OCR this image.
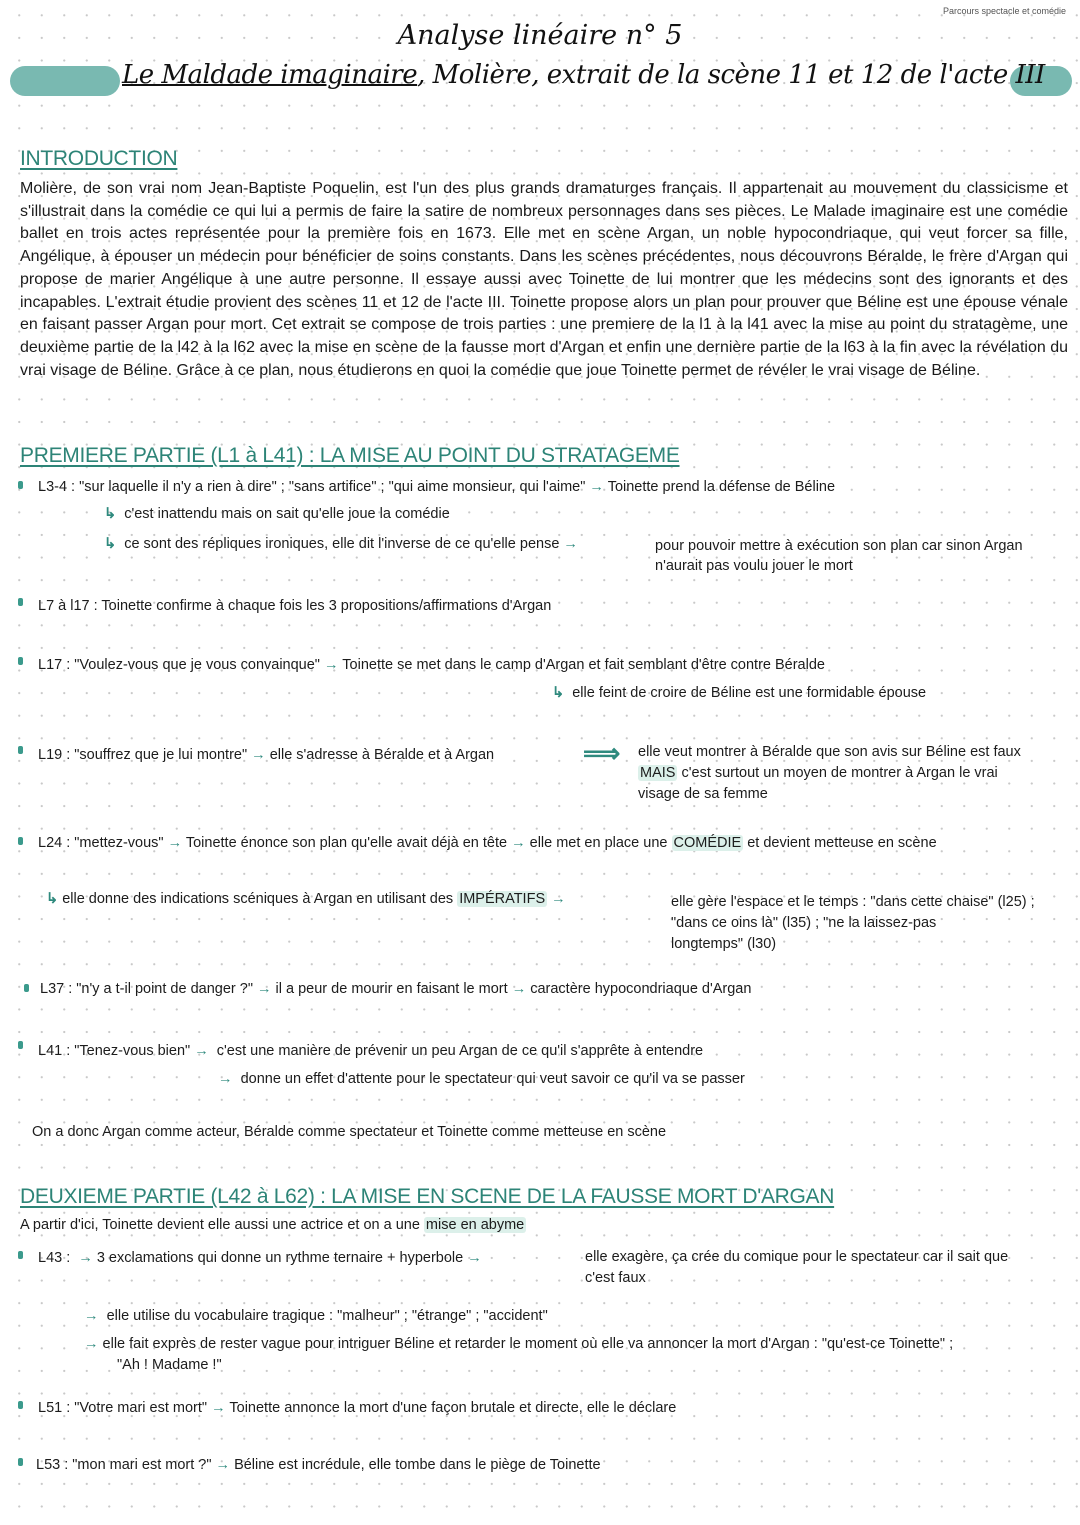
Parcours spectacle et comédie
Analyse linéaire n° 5
Le Maldade imaginaire, Molière, extrait de la scène 11 et 12 de l'acte III
INTRODUCTION
Molière, de son vrai nom Jean-Baptiste Poquelin, est l'un des plus grands dramaturges français. Il appartenait au mouvement du classicisme et s'illustrait dans la comédie ce qui lui a permis de faire la satire de nombreux personnages dans ses pièces. Le Malade imaginaire est une comédie ballet en trois actes représentée pour la première fois en 1673. Elle met en scène Argan, un noble hypocondriaque, qui veut forcer sa fille, Angélique, à épouser un médecin pour bénéficier de soins constants. Dans les scènes précédentes, nous découvrons Béralde, le frère d'Argan qui propose de marier Angélique à une autre personne. Il essaye aussi avec Toinette de lui montrer que les médecins sont des ignorants et des incapables. L'extrait étudie provient des scènes 11 et 12 de l'acte III. Toinette propose alors un plan pour prouver que Béline est une épouse vénale en faisant passer Argan pour mort. Cet extrait se compose de trois parties : une premiere de la l1 à la l41 avec la mise au point du stratagème, une deuxième partie de la l42 à la l62 avec la mise en scène de la fausse mort d'Argan et enfin une dernière partie de la l63 à la fin avec la révélation du vrai visage de Béline. Grâce à ce plan, nous étudierons en quoi la comédie que joue Toinette permet de révéler le vrai visage de Béline.
PREMIERE PARTIE (L1 à L41) : LA MISE AU POINT DU STRATAGEME
L3-4 : "sur laquelle il n'y a rien à dire" ; "sans artifice" ; "qui aime monsieur, qui l'aime" → Toinette prend la défense de Béline
↳ c'est inattendu mais on sait qu'elle joue la comédie
↳ ce sont des répliques ironiques, elle dit l'inverse de ce qu'elle pense →	pour pouvoir mettre à exécution son plan car sinon Argan
n'aurait pas voulu jouer le mort
L7 à l17 : Toinette confirme à chaque fois les 3 propositions/affirmations d'Argan
L17 : "Voulez-vous que je vous convainque" → Toinette se met dans le camp d'Argan et fait semblant d'être contre Béralde
↳ elle feint de croire de Béline est une formidable épouse
L19 : "souffrez que je lui montre" → elle s'adresse à Béralde et à Argan	⟹ elle veut montrer à Béralde que son avis sur Béline est faux
MAIS c'est surtout un moyen de montrer à Argan le vrai
visage de sa femme
L24 : "mettez-vous" → Toinette énonce son plan qu'elle avait déjà en tête → elle met en place une COMÉDIE et devient metteuse en scène
↳ elle donne des indications scéniques à Argan en utilisant des IMPÉRATIFS →	elle gère l'espace et le temps : "dans cette chaise" (l25) ;
"dans ce oins là" (l35) ; "ne la laissez-pas
longtemps" (l30)
L37 : "n'y a t-il point de danger ?" → il a peur de mourir en faisant le mort → caractère hypocondriaque d'Argan
L41 : "Tenez-vous bien" → c'est une manière de prévenir un peu Argan de ce qu'il s'apprête à entendre
→ donne un effet d'attente pour le spectateur qui veut savoir ce qu'il va se passer
On a donc Argan comme acteur, Béralde comme spectateur et Toinette comme metteuse en scène
DEUXIEME PARTIE (L42 à L62) : LA MISE EN SCENE DE LA FAUSSE MORT D'ARGAN
A partir d'ici, Toinette devient elle aussi une actrice et on a une mise en abyme
L43 : → 3 exclamations qui donne un rythme ternaire + hyperbole →	elle exagère, ça crée du comique pour le spectateur car il sait que
c'est faux
→ elle utilise du vocabulaire tragique : "malheur" ; "étrange" ; "accident"
→ elle fait exprès de rester vague pour intriguer Béline et retarder le moment où elle va annoncer la mort d'Argan : "qu'est-ce Toinette" ;
"Ah ! Madame !"
L51 : "Votre mari est mort" → Toinette annonce la mort d'une façon brutale et directe, elle le déclare
L53 : "mon mari est mort ?" → Béline est incrédule, elle tombe dans le piège de Toinette
